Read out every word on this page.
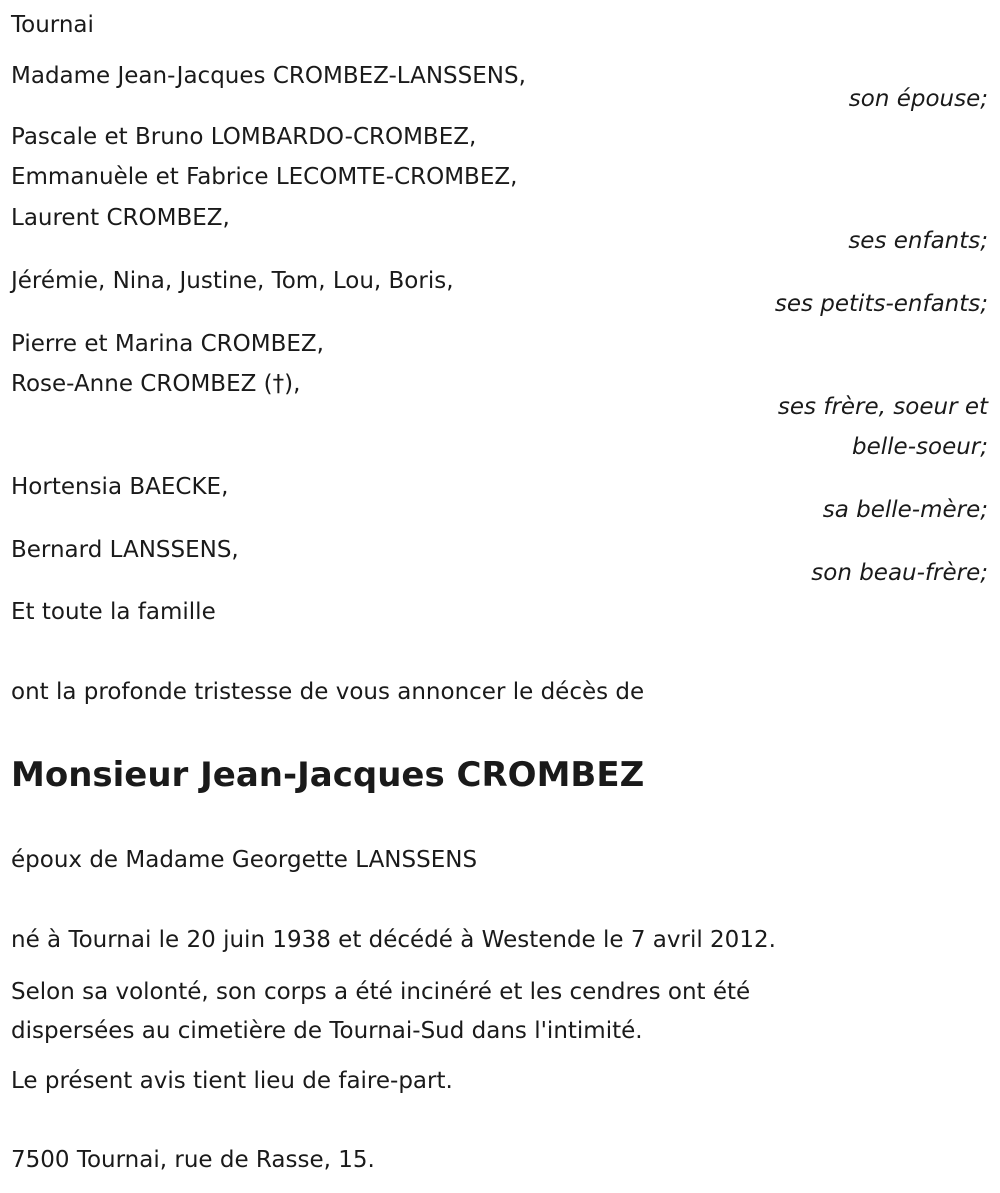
Tournai
Madame Jean-Jacques CROMBEZ-LANSSENS,
son épouse;
Pascale et Bruno LOMBARDO-CROMBEZ,
Emmanuèle et Fabrice LECOMTE-CROMBEZ,
Laurent CROMBEZ,
ses enfants;
Jérémie, Nina, Justine, Tom, Lou, Boris,
ses petits-enfants;
Pierre et Marina CROMBEZ,
Rose-Anne CROMBEZ (†),
ses frère, soeur et
belle-soeur;
Hortensia BAECKE,
sa belle-mère;
Bernard LANSSENS,
son beau-frère;
Et toute la famille
ont la profonde tristesse de vous annoncer le décès de
Monsieur Jean-Jacques CROMBEZ
époux de Madame Georgette LANSSENS
né à Tournai le 20 juin 1938 et décédé à Westende le 7 avril 2012.
Selon sa volonté, son corps a été incinéré et les cendres ont été
dispersées au cimetière de Tournai-Sud dans l'intimité.
Le présent avis tient lieu de faire-part.
7500 Tournai, rue de Rasse, 15.
